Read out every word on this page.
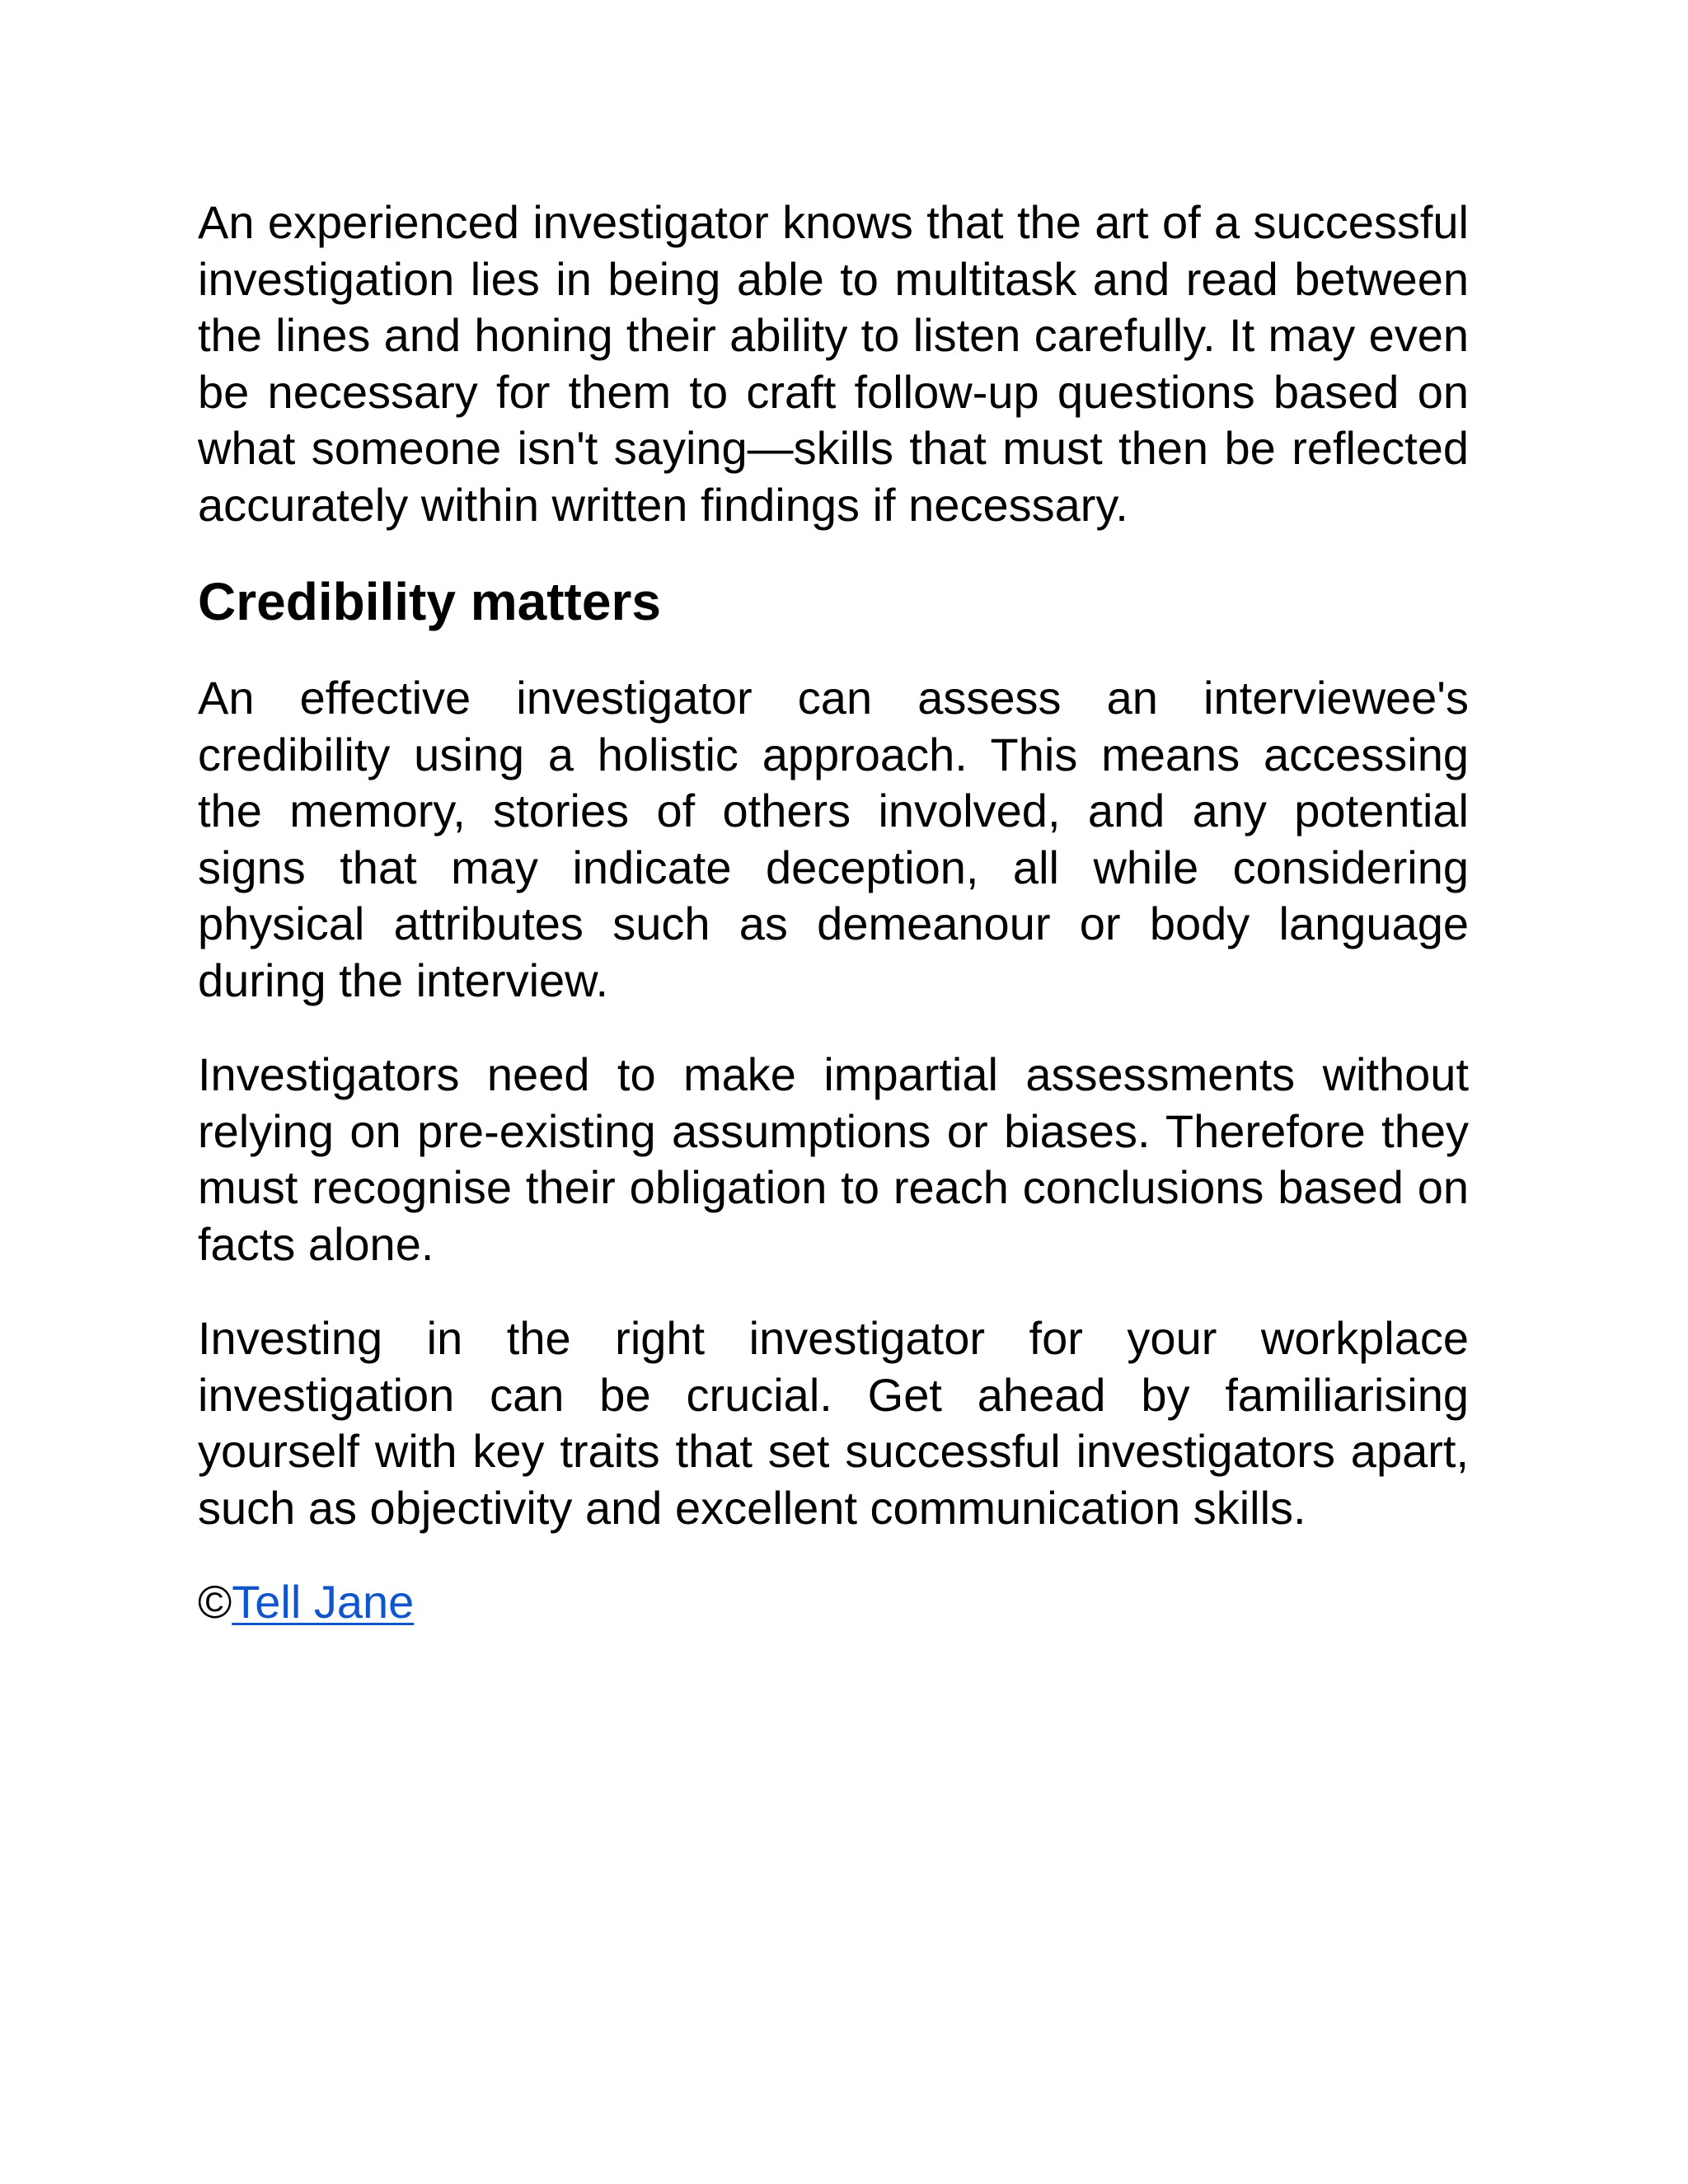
An experienced investigator knows that the art of a successful investigation lies in being able to multitask and read between the lines and honing their ability to listen carefully. It may even be necessary for them to craft follow-up questions based on what someone isn't saying—skills that must then be reflected accurately within written findings if necessary.

Credibility matters

An effective investigator can assess an interviewee's credibility using a holistic approach. This means accessing the memory, stories of others involved, and any potential signs that may indicate deception, all while considering physical attributes such as demeanour or body language during the interview.

Investigators need to make impartial assessments without relying on pre-existing assumptions or biases. Therefore they must recognise their obligation to reach conclusions based on facts alone.

Investing in the right investigator for your workplace investigation can be crucial. Get ahead by familiarising yourself with key traits that set successful investigators apart, such as objectivity and excellent communication skills.

©Tell Jane
